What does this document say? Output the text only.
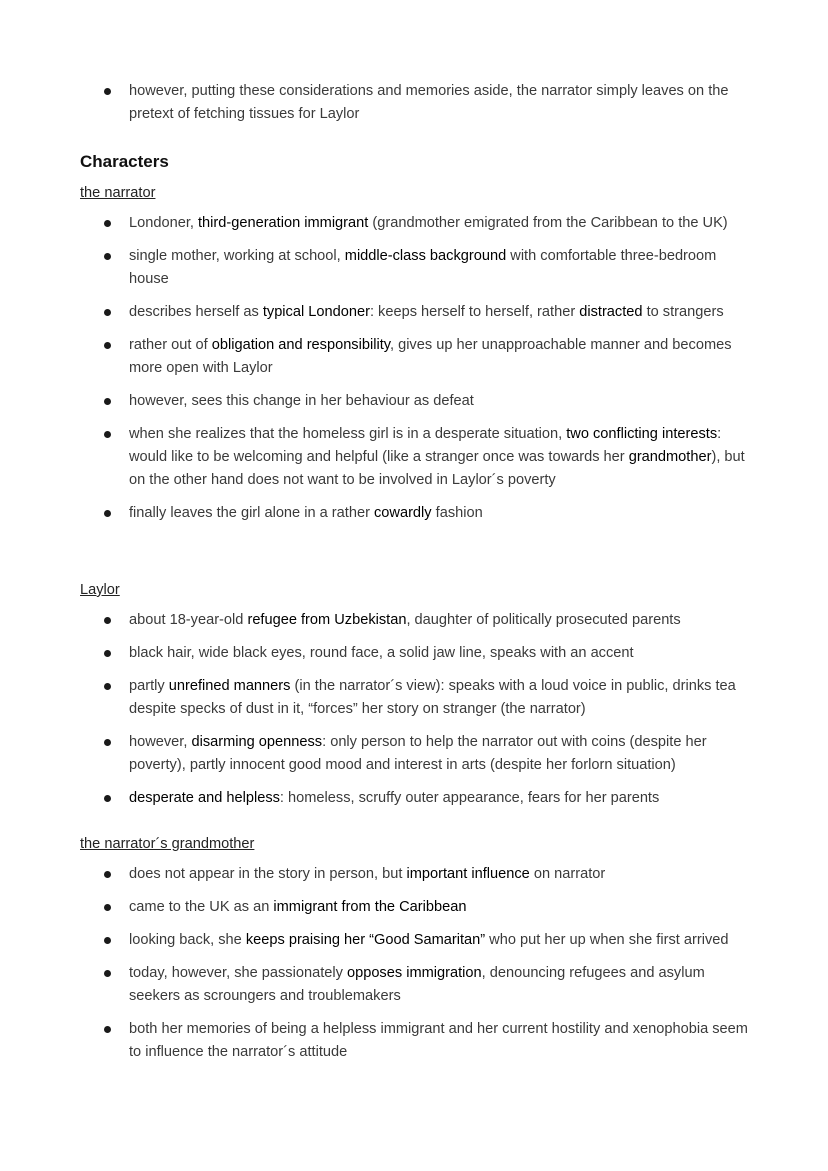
however, putting these considerations and memories aside, the narrator simply leaves on the pretext of fetching tissues for Laylor
Characters
the narrator
Londoner, third-generation immigrant (grandmother emigrated from the Caribbean to the UK)
single mother, working at school, middle-class background with comfortable three-bedroom house
describes herself as typical Londoner: keeps herself to herself, rather distracted to strangers
rather out of obligation and responsibility, gives up her unapproachable manner and becomes more open with Laylor
however, sees this change in her behaviour as defeat
when she realizes that the homeless girl is in a desperate situation, two conflicting interests: would like to be welcoming and helpful (like a stranger once was towards her grandmother), but on the other hand does not want to be involved in Laylor´s poverty
finally leaves the girl alone in a rather cowardly fashion
Laylor
about 18-year-old refugee from Uzbekistan, daughter of politically prosecuted parents
black hair, wide black eyes, round face, a solid jaw line, speaks with an accent
partly unrefined manners (in the narrator´s view): speaks with a loud voice in public, drinks tea despite specks of dust in it, “forces” her story on stranger (the narrator)
however, disarming openness: only person to help the narrator out with coins (despite her poverty), partly innocent good mood and interest in arts (despite her forlorn situation)
desperate and helpless: homeless, scruffy outer appearance, fears for her parents
the narrator´s grandmother
does not appear in the story in person, but important influence on narrator
came to the UK as an immigrant from the Caribbean
looking back, she keeps praising her “Good Samaritan” who put her up when she first arrived
today, however, she passionately opposes immigration, denouncing refugees and asylum seekers as scroungers and troublemakers
both her memories of being a helpless immigrant and her current hostility and xenophobia seem to influence the narrator´s attitude
